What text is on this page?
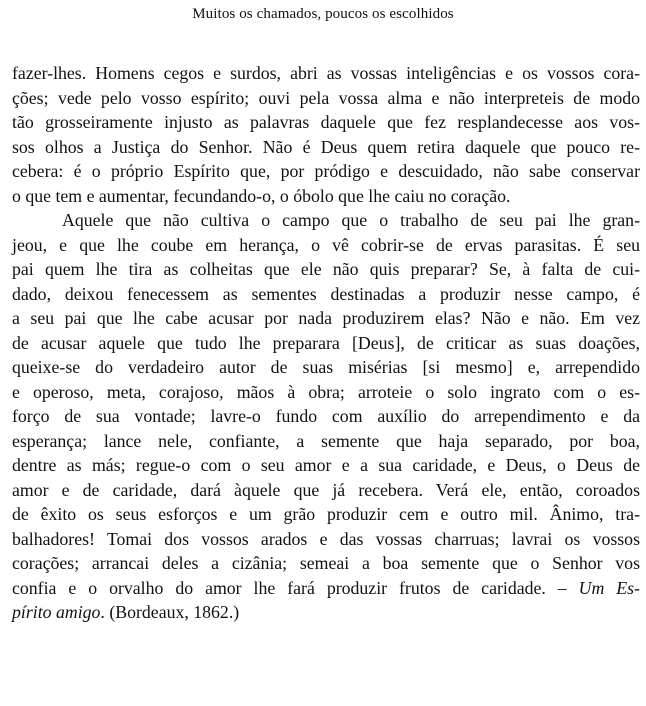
Muitos os chamados, poucos os escolhidos
fazer-lhes. Homens cegos e surdos, abri as vossas inteligências e os vossos cora-
ções; vede pelo vosso espírito; ouvi pela vossa alma e não interpreteis de modo
tão grosseiramente injusto as palavras daquele que fez resplandecesse aos vos-
sos olhos a Justiça do Senhor. Não é Deus quem retira daquele que pouco re-
cebera: é o próprio Espírito que, por pródigo e descuidado, não sabe conservar
o que tem e aumentar, fecundando-o, o óbolo que lhe caiu no coração.
Aquele que não cultiva o campo que o trabalho de seu pai lhe gran-
jeou, e que lhe coube em herança, o vê cobrir-se de ervas parasitas. É seu
pai quem lhe tira as colheitas que ele não quis preparar? Se, à falta de cui-
dado, deixou fenecessem as sementes destinadas a produzir nesse campo, é
a seu pai que lhe cabe acusar por nada produzirem elas? Não e não. Em vez
de acusar aquele que tudo lhe preparara [Deus], de criticar as suas doações,
queixe-se do verdadeiro autor de suas misérias [si mesmo] e, arrependido
e operoso, meta, corajoso, mãos à obra; arroteie o solo ingrato com o es-
forço de sua vontade; lavre-o fundo com auxílio do arrependimento e da
esperança; lance nele, confiante, a semente que haja separado, por boa,
dentre as más; regue-o com o seu amor e a sua caridade, e Deus, o Deus de
amor e de caridade, dará àquele que já recebera. Verá ele, então, coroados
de êxito os seus esforços e um grão produzir cem e outro mil. Ânimo, tra-
balhadores! Tomai dos vossos arados e das vossas charruas; lavrai os vossos
corações; arrancai deles a cizânia; semeai a boa semente que o Senhor vos
confia e o orvalho do amor lhe fará produzir frutos de caridade. – Um Es-
pírito amigo. (Bordeaux, 1862.)
